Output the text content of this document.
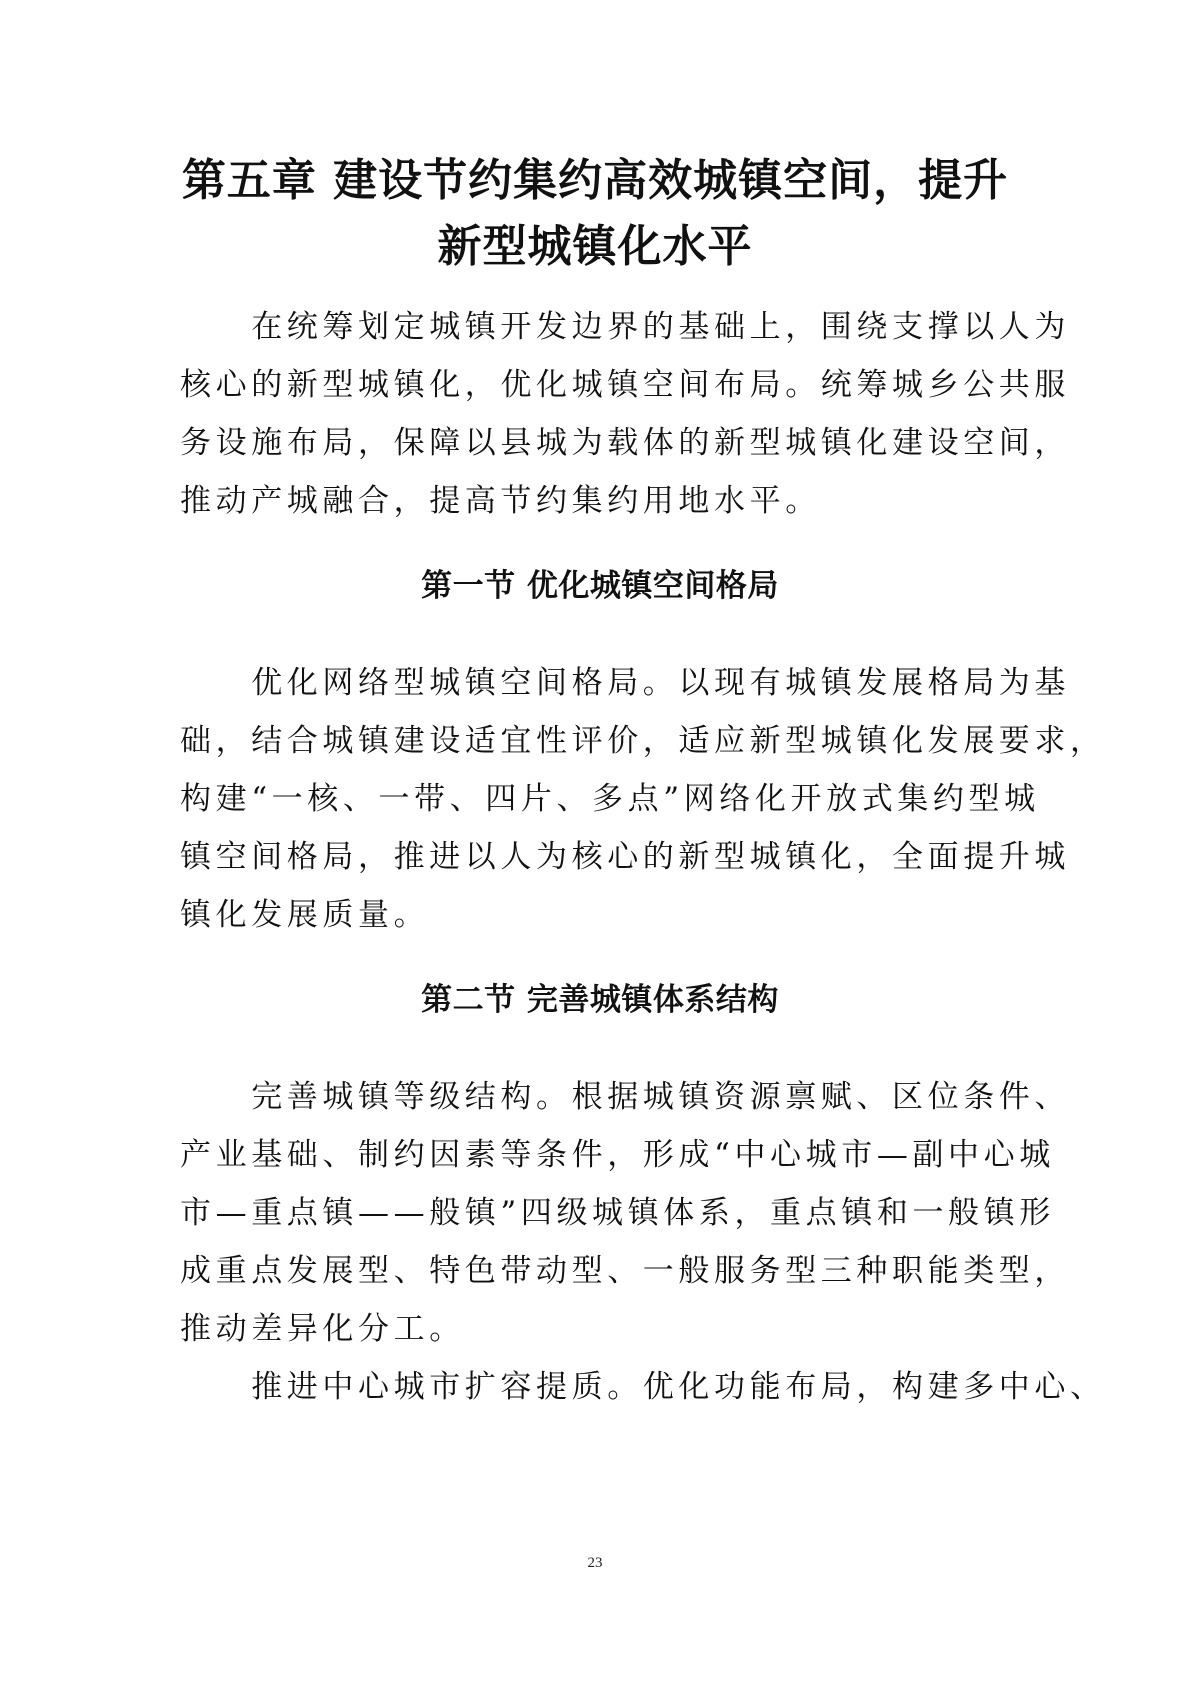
第五章 建设节约集约高效城镇空间，提升
新型城镇化水平

　　在统筹划定城镇开发边界的基础上，围绕支撑以人为
核心的新型城镇化，优化城镇空间布局。统筹城乡公共服
务设施布局，保障以县城为载体的新型城镇化建设空间，
推动产城融合，提高节约集约用地水平。

第一节 优化城镇空间格局

　　优化网络型城镇空间格局。以现有城镇发展格局为基
础，结合城镇建设适宜性评价，适应新型城镇化发展要求，
构建“一核、一带、四片、多点”网络化开放式集约型城
镇空间格局，推进以人为核心的新型城镇化，全面提升城
镇化发展质量。

第二节 完善城镇体系结构

　　完善城镇等级结构。根据城镇资源禀赋、区位条件、
产业基础、制约因素等条件，形成“中心城市—副中心城
市—重点镇——般镇”四级城镇体系，重点镇和一般镇形
成重点发展型、特色带动型、一般服务型三种职能类型，
推动差异化分工。

　　推进中心城市扩容提质。优化功能布局，构建多中心、

23
